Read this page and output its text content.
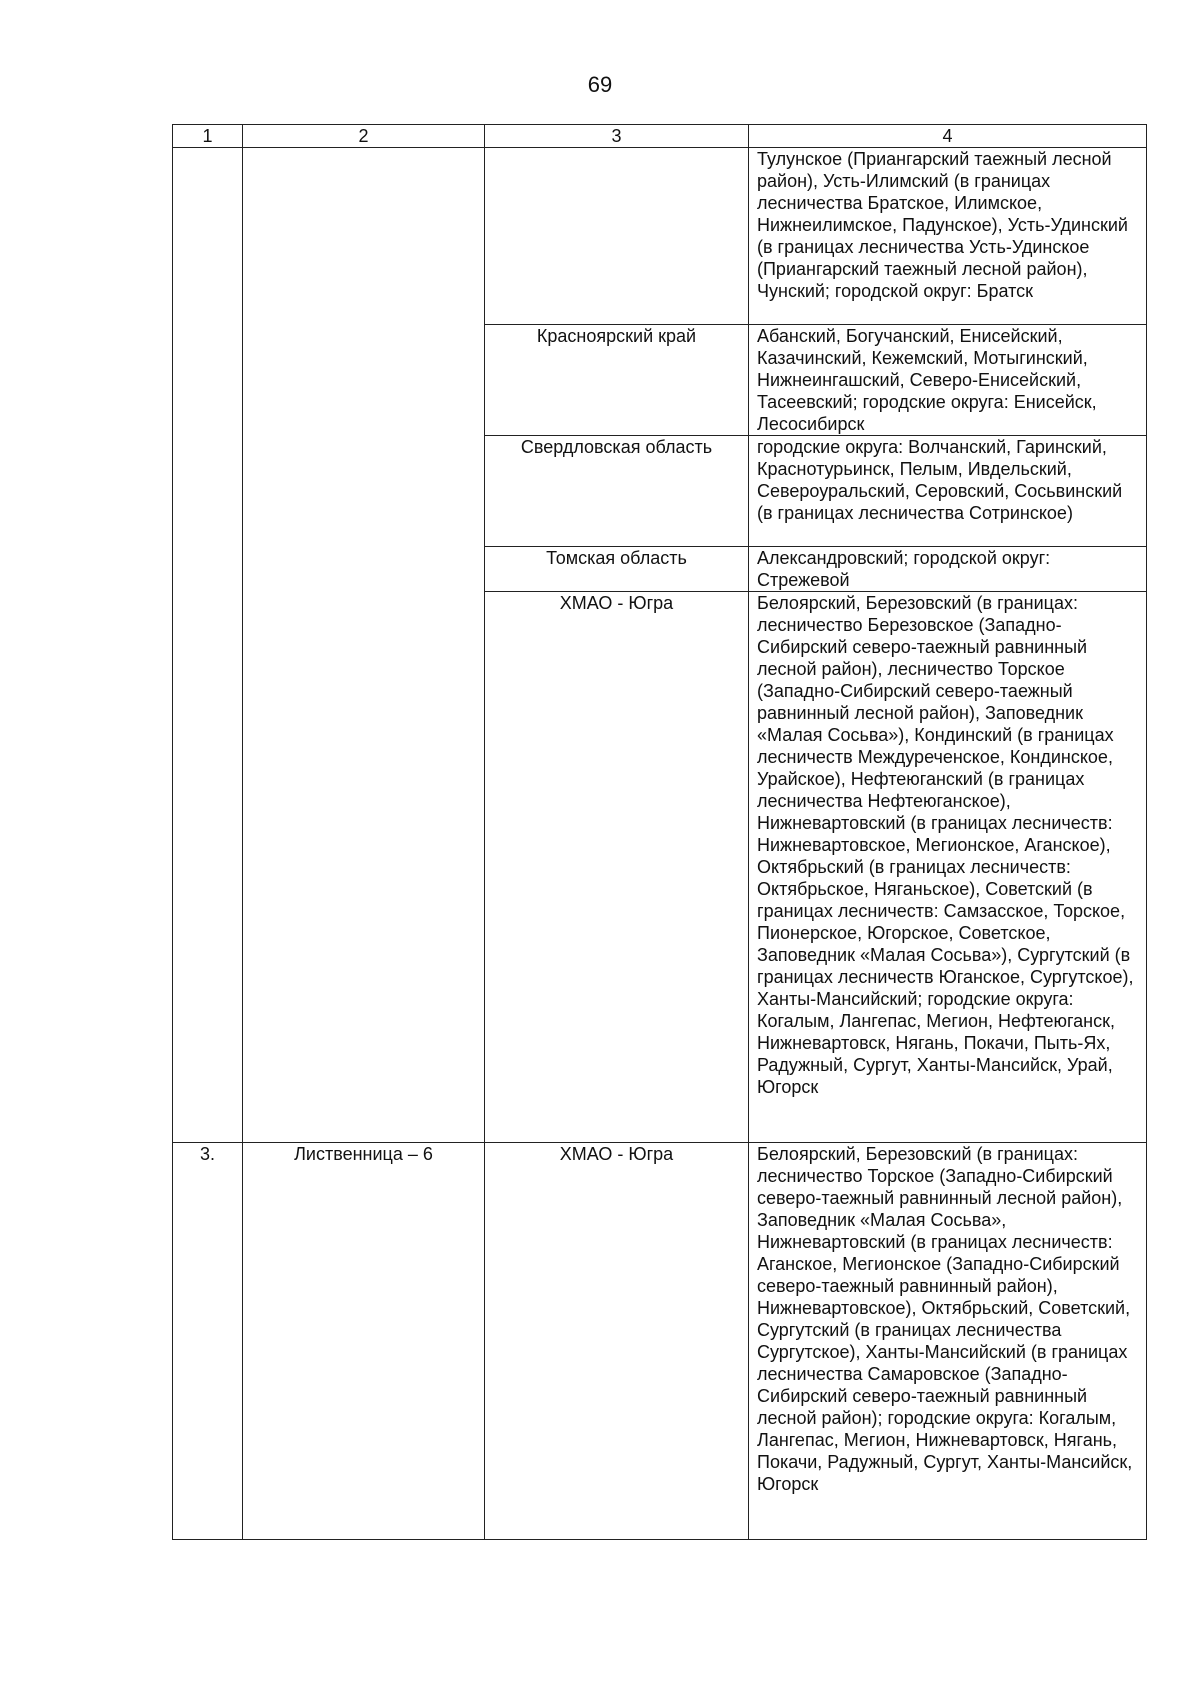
69
1	2	3	4
			Тулунское (Приангарский таежный лесной район), Усть-Илимский (в границах лесничества Братское, Илимское, Нижнеилимское, Падунское), Усть-Удинский (в границах лесничества Усть-Удинское (Приангарский таежный лесной район), Чунский; городской округ: Братск
		Красноярский край	Абанский, Богучанский, Енисейский, Казачинский, Кежемский, Мотыгинский, Нижнеингашский, Северо-Енисейский, Тасеевский; городские округа: Енисейск, Лесосибирск
		Свердловская область	городские округа: Волчанский, Гаринский, Краснотурьинск, Пелым, Ивдельский, Североуральский, Серовский, Сосьвинский (в границах лесничества Сотринское)
		Томская область	Александровский; городской округ: Стрежевой
		ХМАО - Югра	Белоярский, Березовский (в границах: лесничество Березовское (Западно-Сибирский северо-таежный равнинный лесной район), лесничество Торское (Западно-Сибирский северо-таежный равнинный лесной район), Заповедник «Малая Сосьва»), Кондинский (в границах лесничеств Междуреченское, Кондинское, Урайское), Нефтеюганский (в границах лесничества Нефтеюганское), Нижневартовский (в границах лесничеств: Нижневартовское, Мегионское, Аганское), Октябрьский (в границах лесничеств: Октябрьское, Няганьское), Советский (в границах лесничеств: Самзасское, Торское, Пионерское, Югорское, Советское, Заповедник «Малая Сосьва»), Сургутский (в границах лесничеств Юганское, Сургутское), Ханты-Мансийский; городские округа: Когалым, Лангепас, Мегион, Нефтеюганск, Нижневартовск, Нягань, Покачи, Пыть-Ях, Радужный, Сургут, Ханты-Мансийск, Урай, Югорск
3.	Лиственница – 6	ХМАО - Югра	Белоярский, Березовский (в границах: лесничество Торское (Западно-Сибирский северо-таежный равнинный лесной район), Заповедник «Малая Сосьва», Нижневартовский (в границах лесничеств: Аганское, Мегионское (Западно-Сибирский северо-таежный равнинный район), Нижневартовское), Октябрьский, Советский, Сургутский (в границах лесничества Сургутское), Ханты-Мансийский (в границах лесничества Самаровское (Западно-Сибирский северо-таежный равнинный лесной район); городские округа: Когалым, Лангепас, Мегион, Нижневартовск, Нягань, Покачи, Радужный, Сургут, Ханты-Мансийск, Югорск
